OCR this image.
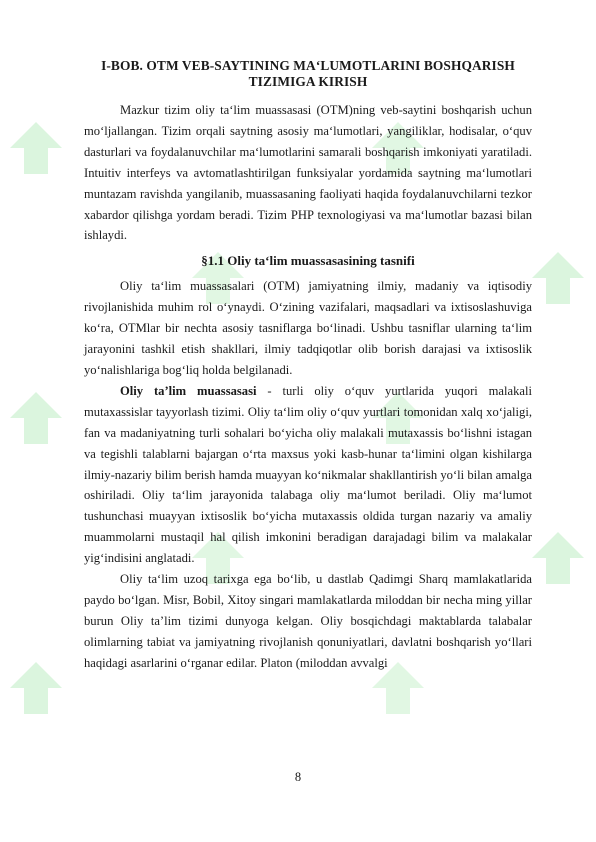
I-BOB. OTM VEB-SAYTINING MA‘LUMOTLARINI BOSHQARISH TIZIMIGA KIRISH

Mazkur tizim oliy ta‘lim muassasasi (OTM)ning veb-saytini boshqarish uchun mo‘ljallangan. Tizim orqali saytning asosiy ma‘lumotlari, yangiliklar, hodisalar, o‘quv dasturlari va foydalanuvchilar ma‘lumotlarini samarali boshqarish imkoniyati yaratiladi. Intuitiv interfeys va avtomatlashtirilgan funksiyalar yordamida saytning ma‘lumotlari muntazam ravishda yangilanib, muassasaning faoliyati haqida foydalanuvchilarni tezkor xabardor qilishga yordam beradi. Tizim PHP texnologiyasi va ma‘lumotlar bazasi bilan ishlaydi.

§1.1 Oliy ta‘lim muassasasining tasnifi

Oliy ta‘lim muassasalari (OTM) jamiyatning ilmiy, madaniy va iqtisodiy rivojlanishida muhim rol o‘ynaydi. O‘zining vazifalari, maqsadlari va ixtisoslashuviga ko‘ra, OTMlar bir nechta asosiy tasniflarga bo‘linadi. Ushbu tasniflar ularning ta‘lim jarayonini tashkil etish shakllari, ilmiy tadqiqotlar olib borish darajasi va ixtisoslik yo‘nalishlariga bog‘liq holda belgilanadi.

Oliy ta’lim muassasasi - turli oliy o‘quv yurtlarida yuqori malakali mutaxassislar tayyorlash tizimi. Oliy ta‘lim oliy o‘quv yurtlari tomonidan xalq xo‘jaligi, fan va madaniyatning turli sohalari bo‘yicha oliy malakali mutaxassis bo‘lishni istagan va tegishli talablarni bajargan o‘rta maxsus yoki kasb-hunar ta‘limini olgan kishilarga ilmiy-nazariy bilim berish hamda muayyan ko‘nikmalar shakllantirish yo‘li bilan amalga oshiriladi. Oliy ta‘lim jarayonida talabaga oliy ma‘lumot beriladi. Oliy ma‘lumot tushunchasi muayyan ixtisoslik bo‘yicha mutaxassis oldida turgan nazariy va amaliy muammolarni mustaqil hal qilish imkonini beradigan darajadagi bilim va malakalar yig‘indisini anglatadi.

Oliy ta‘lim uzoq tarixga ega bo‘lib, u dastlab Qadimgi Sharq mamlakatlarida paydo bo‘lgan. Misr, Bobil, Xitoy singari mamlakatlarda miloddan bir necha ming yillar burun Oliy ta’lim tizimi dunyoga kelgan. Oliy bosqichdagi maktablarda talabalar olimlarning tabiat va jamiyatning rivojlanish qonuniyatlari, davlatni boshqarish yo‘llari haqidagi asarlarini o‘rganar edilar. Platon (miloddan avvalgi

8
